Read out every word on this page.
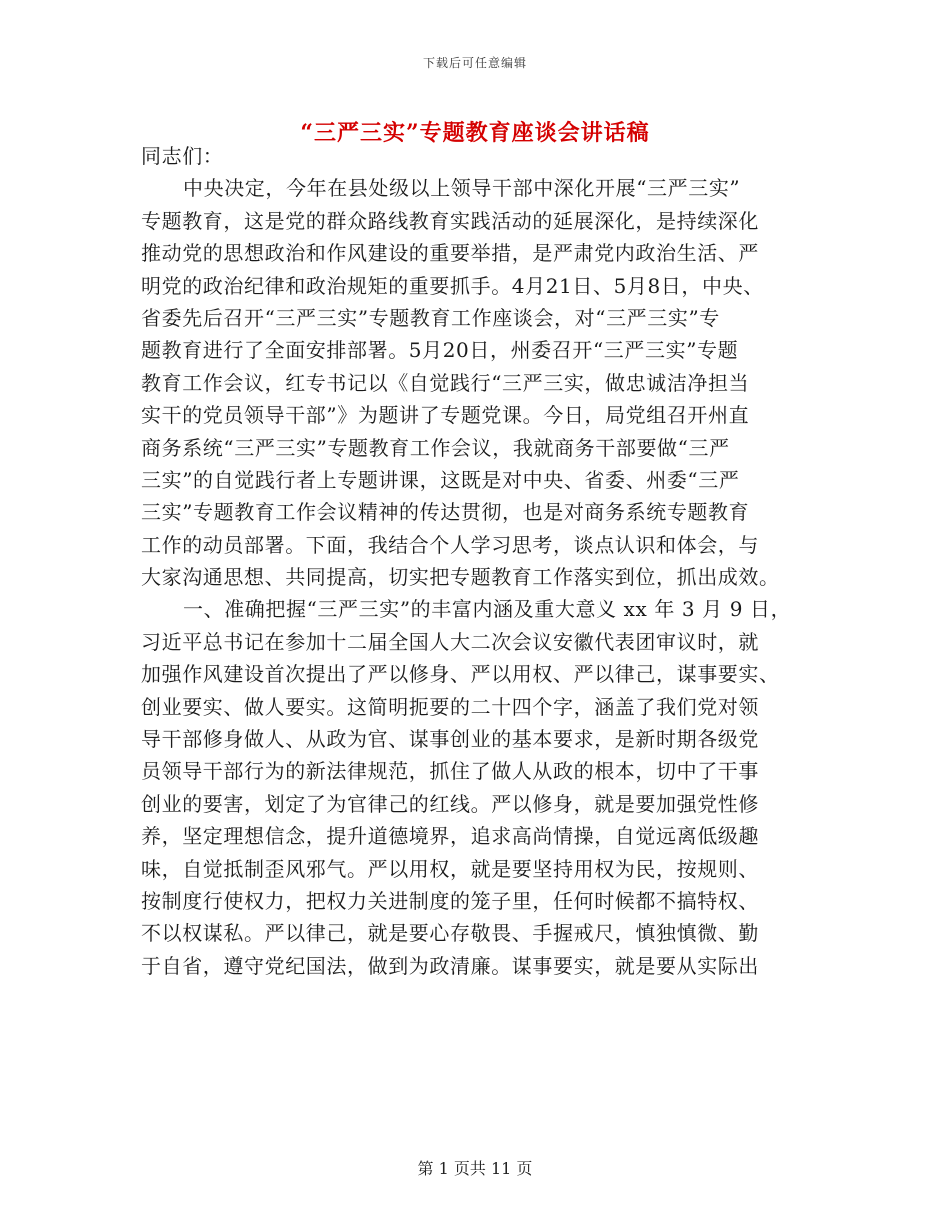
下载后可任意编辑
“三严三实”专题教育座谈会讲话稿
同志们：
中央决定，今年在县处级以上领导干部中深化开展“三严三实”
专题教育，这是党的群众路线教育实践活动的延展深化，是持续深化
推动党的思想政治和作风建设的重要举措，是严肃党内政治生活、严
明党的政治纪律和政治规矩的重要抓手。4月21日、5月8日，中央、
省委先后召开“三严三实”专题教育工作座谈会，对“三严三实”专
题教育进行了全面安排部署。5月20日，州委召开“三严三实”专题
教育工作会议，红专书记以《自觉践行“三严三实，做忠诚洁净担当
实干的党员领导干部”》为题讲了专题党课。今日，局党组召开州直
商务系统“三严三实”专题教育工作会议，我就商务干部要做“三严
三实”的自觉践行者上专题讲课，这既是对中央、省委、州委“三严
三实”专题教育工作会议精神的传达贯彻，也是对商务系统专题教育
工作的动员部署。下面，我结合个人学习思考，谈点认识和体会，与
大家沟通思想、共同提高，切实把专题教育工作落实到位，抓出成效。
一、准确把握“三严三实”的丰富内涵及重大意义 xx 年 3 月 9 日，
习近平总书记在参加十二届全国人大二次会议安徽代表团审议时，就
加强作风建设首次提出了严以修身、严以用权、严以律己，谋事要实、
创业要实、做人要实。这简明扼要的二十四个字，涵盖了我们党对领
导干部修身做人、从政为官、谋事创业的基本要求，是新时期各级党
员领导干部行为的新法律规范，抓住了做人从政的根本，切中了干事
创业的要害，划定了为官律己的红线。严以修身，就是要加强党性修
养，坚定理想信念，提升道德境界，追求高尚情操，自觉远离低级趣
味，自觉抵制歪风邪气。严以用权，就是要坚持用权为民，按规则、
按制度行使权力，把权力关进制度的笼子里，任何时候都不搞特权、
不以权谋私。严以律己，就是要心存敬畏、手握戒尺，慎独慎微、勤
于自省，遵守党纪国法，做到为政清廉。谋事要实，就是要从实际出
第 1 页共 11 页
